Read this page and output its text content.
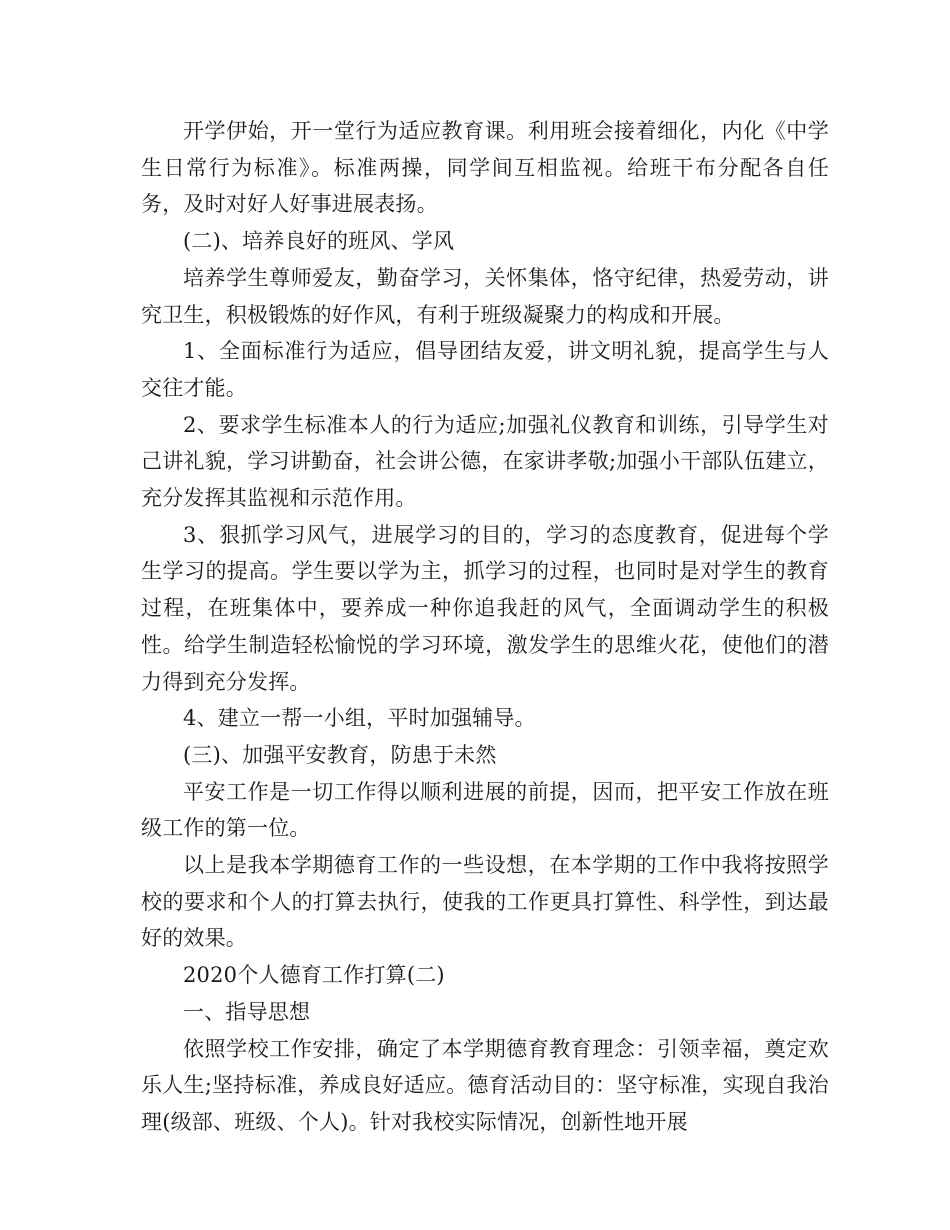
开学伊始，开一堂行为适应教育课。利用班会接着细化，内化《中学生日常行为标准》。标准两操，同学间互相监视。给班干布分配各自任务，及时对好人好事进展表扬。

(二)、培养良好的班风、学风

培养学生尊师爱友，勤奋学习，关怀集体，恪守纪律，热爱劳动，讲究卫生，积极锻炼的好作风，有利于班级凝聚力的构成和开展。

1、全面标准行为适应，倡导团结友爱，讲文明礼貌，提高学生与人交往才能。

2、要求学生标准本人的行为适应;加强礼仪教育和训练，引导学生对己讲礼貌，学习讲勤奋，社会讲公德，在家讲孝敬;加强小干部队伍建立，充分发挥其监视和示范作用。

3、狠抓学习风气，进展学习的目的，学习的态度教育，促进每个学生学习的提高。学生要以学为主，抓学习的过程，也同时是对学生的教育过程，在班集体中，要养成一种你追我赶的风气，全面调动学生的积极性。给学生制造轻松愉悦的学习环境，激发学生的思维火花，使他们的潜力得到充分发挥。

4、建立一帮一小组，平时加强辅导。

(三)、加强平安教育，防患于未然

平安工作是一切工作得以顺利进展的前提，因而，把平安工作放在班级工作的第一位。

以上是我本学期德育工作的一些设想，在本学期的工作中我将按照学校的要求和个人的打算去执行，使我的工作更具打算性、科学性，到达最好的效果。

2020个人德育工作打算(二)

一、指导思想

依照学校工作安排，确定了本学期德育教育理念：引领幸福，奠定欢乐人生;坚持标准，养成良好适应。德育活动目的：坚守标准，实现自我治理(级部、班级、个人)。针对我校实际情况，创新性地开展
